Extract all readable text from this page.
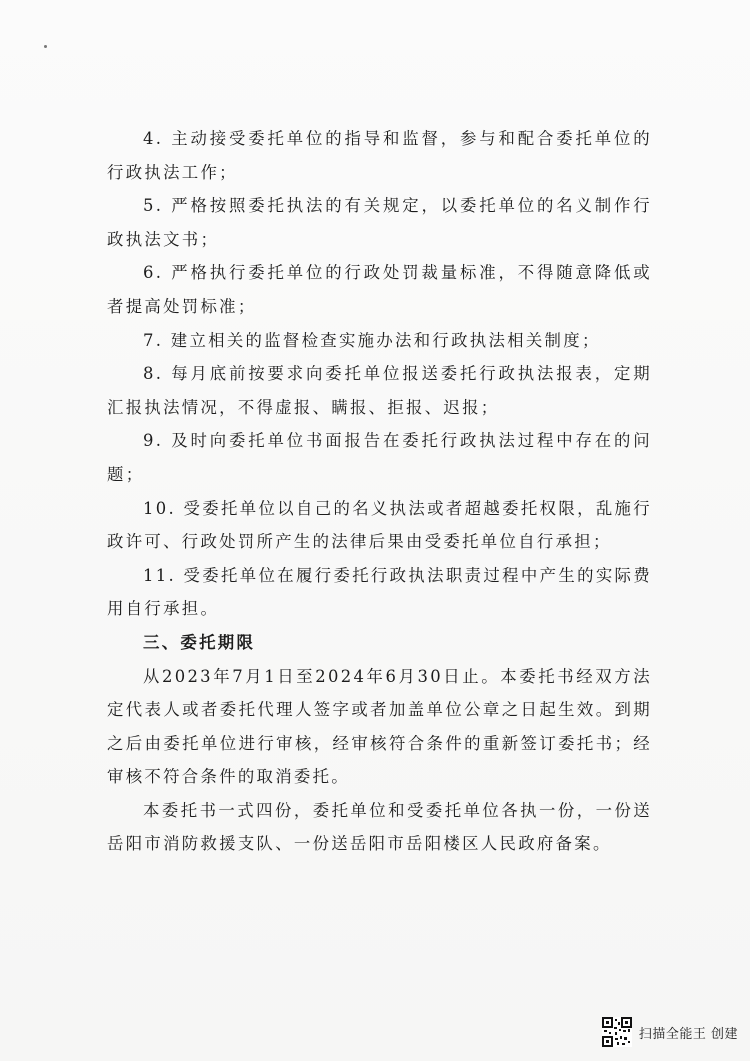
4. 主动接受委托单位的指导和监督，参与和配合委托单位的行政执法工作；

5. 严格按照委托执法的有关规定，以委托单位的名义制作行政执法文书；

6. 严格执行委托单位的行政处罚裁量标准，不得随意降低或者提高处罚标准；

7. 建立相关的监督检查实施办法和行政执法相关制度；

8. 每月底前按要求向委托单位报送委托行政执法报表，定期汇报执法情况，不得虚报、瞒报、拒报、迟报；

9. 及时向委托单位书面报告在委托行政执法过程中存在的问题；

10. 受委托单位以自己的名义执法或者超越委托权限，乱施行政许可、行政处罚所产生的法律后果由受委托单位自行承担；

11. 受委托单位在履行委托行政执法职责过程中产生的实际费用自行承担。

三、委托期限

从2023年7月1日至2024年6月30日止。本委托书经双方法定代表人或者委托代理人签字或者加盖单位公章之日起生效。到期之后由委托单位进行审核，经审核符合条件的重新签订委托书；经审核不符合条件的取消委托。

本委托书一式四份，委托单位和受委托单位各执一份，一份送岳阳市消防救援支队、一份送岳阳市岳阳楼区人民政府备案。

扫描全能王 创建
